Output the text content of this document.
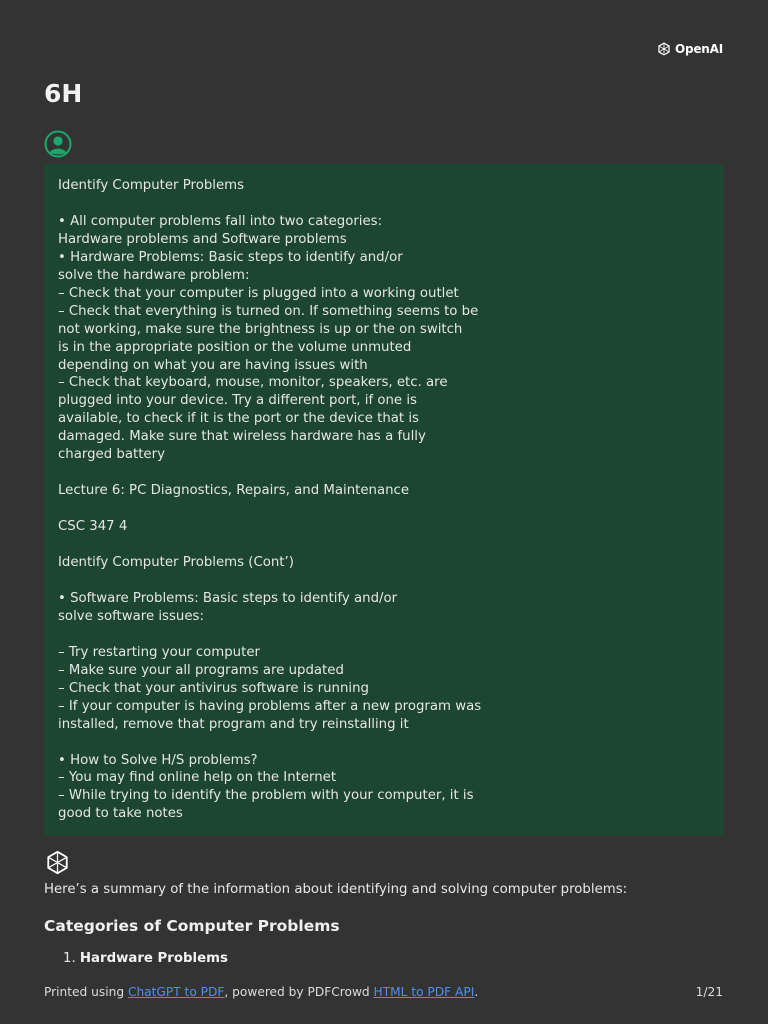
OpenAI
6H
Identify Computer Problems

• All computer problems fall into two categories:
Hardware problems and Software problems
• Hardware Problems: Basic steps to identify and/or
solve the hardware problem:
– Check that your computer is plugged into a working outlet
– Check that everything is turned on. If something seems to be
not working, make sure the brightness is up or the on switch
is in the appropriate position or the volume unmuted
depending on what you are having issues with
– Check that keyboard, mouse, monitor, speakers, etc. are
plugged into your device. Try a different port, if one is
available, to check if it is the port or the device that is
damaged. Make sure that wireless hardware has a fully
charged battery

Lecture 6: PC Diagnostics, Repairs, and Maintenance

CSC 347 4

Identify Computer Problems (Cont’)

• Software Problems: Basic steps to identify and/or
solve software issues:

– Try restarting your computer
– Make sure your all programs are updated
– Check that your antivirus software is running
– If your computer is having problems after a new program was
installed, remove that program and try reinstalling it

• How to Solve H/S problems?
– You may find online help on the Internet
– While trying to identify the problem with your computer, it is
good to take notes

Here’s a summary of the information about identifying and solving computer problems:

Categories of Computer Problems
1. Hardware Problems
Printed using ChatGPT to PDF, powered by PDFCrowd HTML to PDF API.	1/21
